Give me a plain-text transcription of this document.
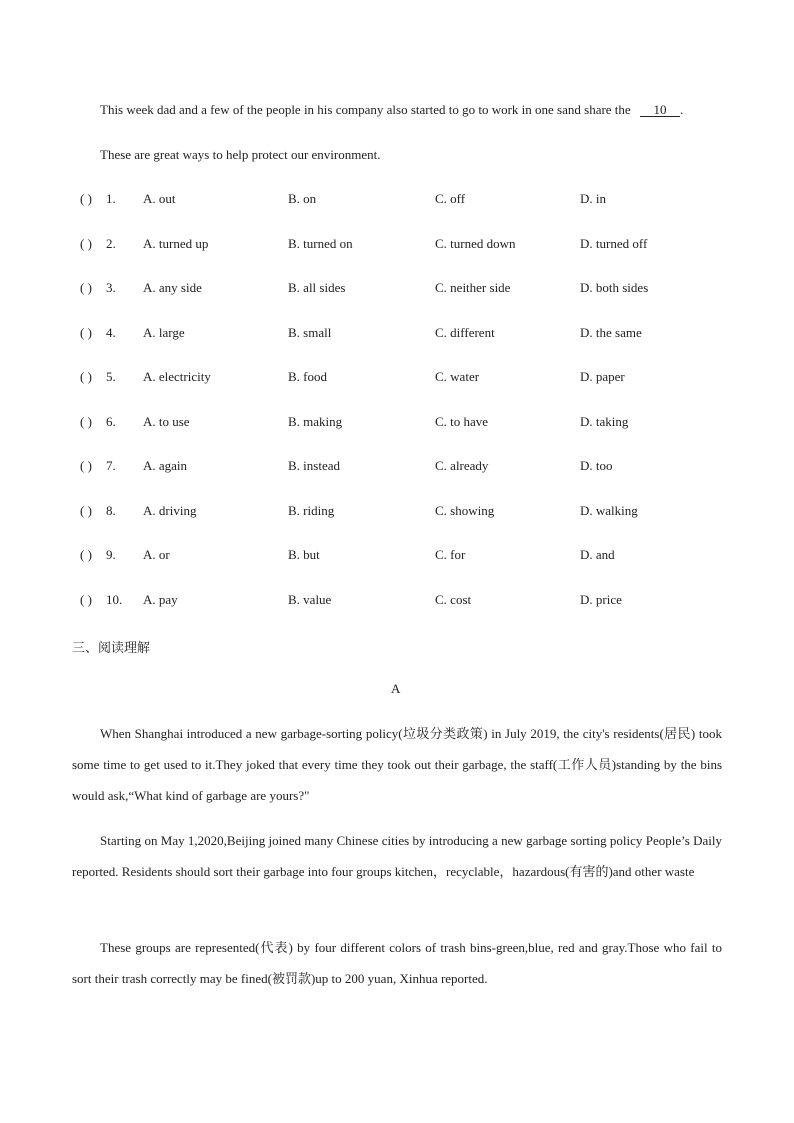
This week dad and a few of the people in his company also started to go to work in one sand share the 10 .
These are great ways to help protect our environment.
( ) 1. A. out	B. on	C. off	D. in
( ) 2. A. turned up	B. turned on	C. turned down	D. turned off
( ) 3. A. any side	B. all sides	C. neither side	D. both sides
( ) 4. A. large	B. small	C. different	D. the same
( ) 5. A. electricity	B. food	C. water	D. paper
( ) 6. A. to use	B. making	C. to have	D. taking
( ) 7. A. again	B. instead	C. already	D. too
( ) 8. A. driving	B. riding	C. showing	D. walking
( ) 9. A. or	B. but	C. for	D. and
( ) 10. A. pay	B. value	C. cost	D. price
三、阅读理解
A
When Shanghai introduced a new garbage-sorting policy(垃圾分类政策) in July 2019, the city's residents(居民) took some time to get used to it.They joked that every time they took out their garbage, the staff(工作人员)standing by the bins would ask,“What kind of garbage are yours?"
Starting on May 1,2020,Beijing joined many Chinese cities by introducing a new garbage sorting policy People’s Daily reported. Residents should sort their garbage into four groups kitchen，recyclable，hazardous(有害的)and other waste
These groups are represented(代表) by four different colors of trash bins-green,blue, red and gray.Those who fail to sort their trash correctly may be fined(被罚款)up to 200 yuan, Xinhua reported.
